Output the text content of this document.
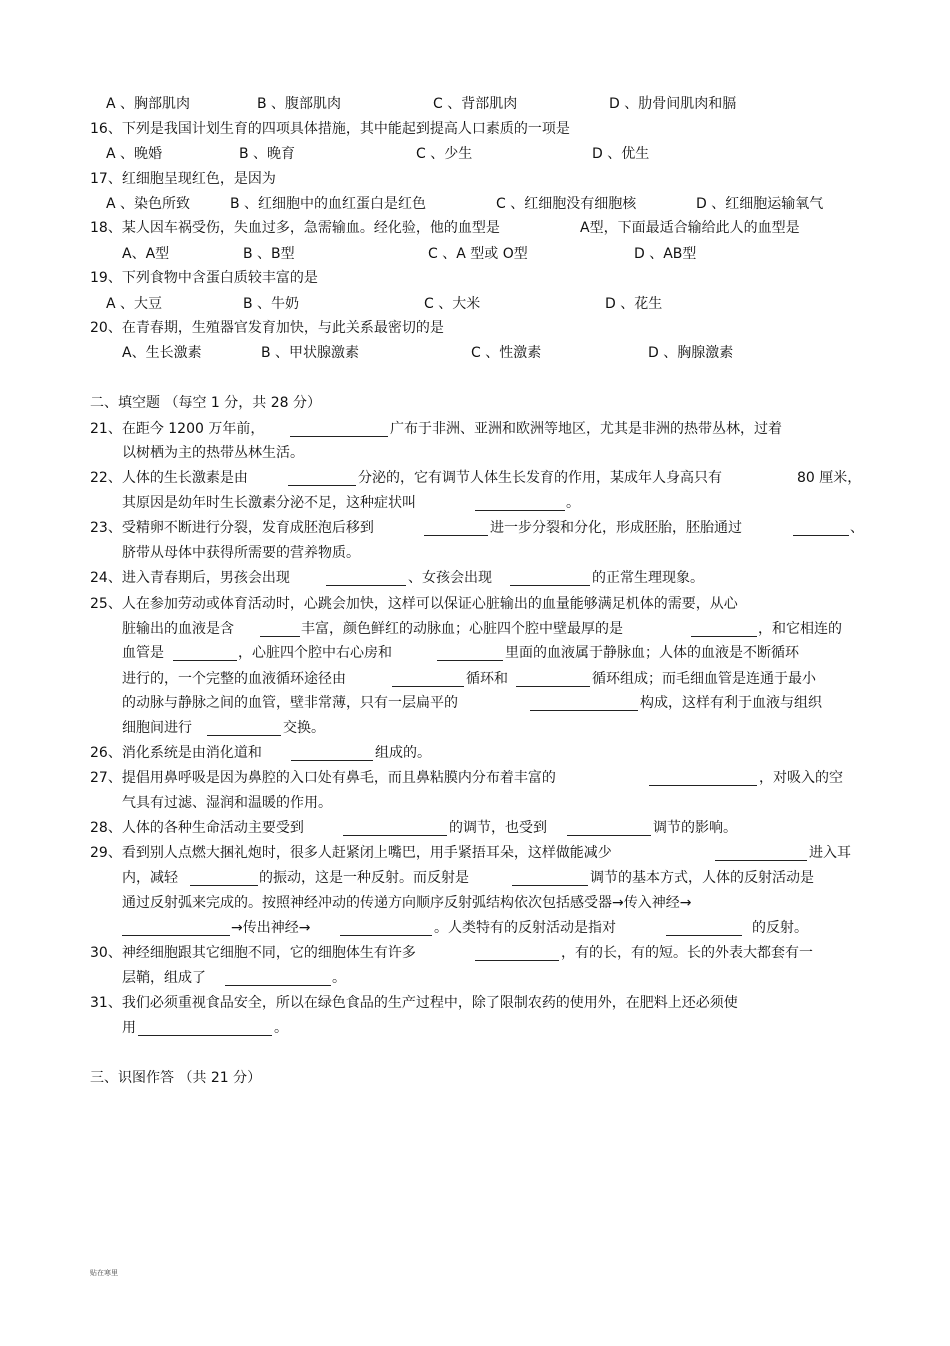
A 、胸部肌肉	B 、腹部肌肉	C 、背部肌肉	D 、肋骨间肌肉和膈
16、下列是我国计划生育的四项具体措施，其中能起到提高人口素质的一项是
A 、晚婚	B 、晚育	C 、少生	D 、优生
17、红细胞呈现红色，是因为
A 、染色所致	B 、红细胞中的血红蛋白是红色	C 、红细胞没有细胞核	D 、红细胞运输氧气
18、某人因车祸受伤，失血过多，急需输血。经化验，他的血型是	A型，下面最适合输给此人的血型是
A、A型	B 、B型	C 、A 型或 O型	D 、AB型
19、下列食物中含蛋白质较丰富的是
A 、大豆	B 、牛奶	C 、大米	D 、花生
20、在青春期，生殖器官发育加快，与此关系最密切的是
A、生长激素	B 、甲状腺激素	C 、性激素	D 、胸腺激素
二、填空题 （每空 1 分，共 28 分）
21、在距今 1200 万年前，	广布于非洲、亚洲和欧洲等地区，尤其是非洲的热带丛林，过着
以树栖为主的热带丛林生活。
22、人体的生长激素是由	分泌的，它有调节人体生长发育的作用，某成年人身高只有	80 厘米，
其原因是幼年时生长激素分泌不足，这种症状叫	。
23、受精卵不断进行分裂，发育成胚泡后移到	进一步分裂和分化，形成胚胎，胚胎通过	、
脐带从母体中获得所需要的营养物质。
24、进入青春期后，男孩会出现	、女孩会出现	的正常生理现象。
25、人在参加劳动或体育活动时，心跳会加快，这样可以保证心脏输出的血量能够满足机体的需要，从心
脏输出的血液是含	丰富，颜色鲜红的动脉血；心脏四个腔中壁最厚的是	，和它相连的
血管是	，心脏四个腔中右心房和	里面的血液属于静脉血；人体的血液是不断循环
进行的，一个完整的血液循环途径由	循环和	循环组成；而毛细血管是连通于最小
的动脉与静脉之间的血管，壁非常薄，只有一层扁平的	构成，这样有利于血液与组织
细胞间进行	交换。
26、消化系统是由消化道和	组成的。
27、提倡用鼻呼吸是因为鼻腔的入口处有鼻毛，而且鼻粘膜内分布着丰富的	，对吸入的空
气具有过滤、湿润和温暖的作用。
28、人体的各种生命活动主要受到	的调节，也受到	调节的影响。
29、看到别人点燃大捆礼炮时，很多人赶紧闭上嘴巴，用手紧捂耳朵，这样做能减少	进入耳
内，减轻	的振动，这是一种反射。而反射是	调节的基本方式，人体的反射活动是
通过反射弧来完成的。按照神经冲动的传递方向顺序反射弧结构依次包括感受器→传入神经→
→传出神经→	。人类特有的反射活动是指对	的反射。
30、神经细胞跟其它细胞不同，它的细胞体生有许多	，有的长，有的短。长的外表大都套有一
层鞘，组成了	。
31、我们必须重视食品安全，所以在绿色食品的生产过程中，除了限制农药的使用外，在肥料上还必须使
用	。
三、识图作答 （共 21 分）
贴在寒里
